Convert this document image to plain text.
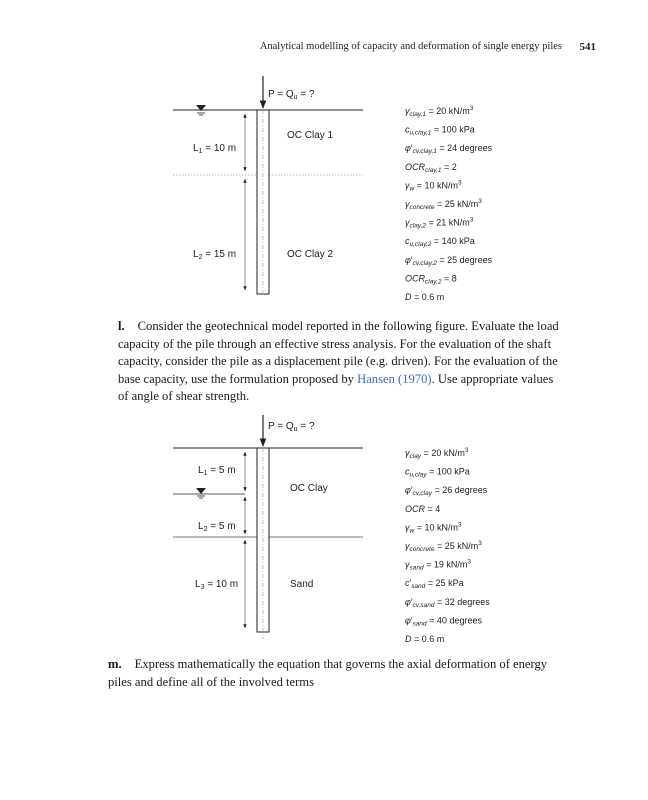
Analytical modelling of capacity and deformation of single energy piles 541
$P = Q_u$ = ?
$L_1 = 10$ m
OC Clay 1
$L_2 = 15$ m	OC Clay 2
$\gamma_{clay,1} = 20$ $kN/m^3$
$c_{u,clay,1} = 100$ kPa
$\varphi'_{cv,clay,1} = 24$ degrees
$OCR_{clay,1} = 2$
$\gamma_w = 10$ $kN/m^3$
$\gamma_{concrete} = 25$ $kN/m^3$
$\gamma_{clay,2} = 21$ $kN/m^3$
$c_{u,clay,2} = 140$ kPa
$\varphi'_{cv,clay,2} = 25$ degrees
$OCR_{clay,2} = 8$
D = 0.6 m

l. Consider the geotechnical model reported in the following figure. Evaluate the load capacity of the pile through an effective stress analysis. For the evaluation of the shaft capacity, consider the pile as a displacement pile (e.g. driven). For the evaluation of the base capacity, use the formulation proposed by Hansen (1970). Use appropriate values of angle of shear strength.

$P = Q_u$ = ?
$L_1 = 5$ m
OC Clay
$L_2 = 5$ m
$L_3 = 10$ m	Sand
$\gamma_{clay} = 20$ $kN/m^3$
$c_{u,clay} = 100$ kPa
$\varphi'_{cv,clay} = 26$ degrees
OCR = 4
$\gamma_w = 10$ $kN/m^3$
$\gamma_{concrete} = 25$ $kN/m^3$
$\gamma_{sand} = 19$ $kN/m^3$
$c'_{sand} = 25$ kPa
$\varphi'_{cv,sand} = 32$ degrees
$\varphi'_{sand} = 40$ degrees
D = 0.6 m

m. Express mathematically the equation that governs the axial deformation of energy piles and define all of the involved terms
